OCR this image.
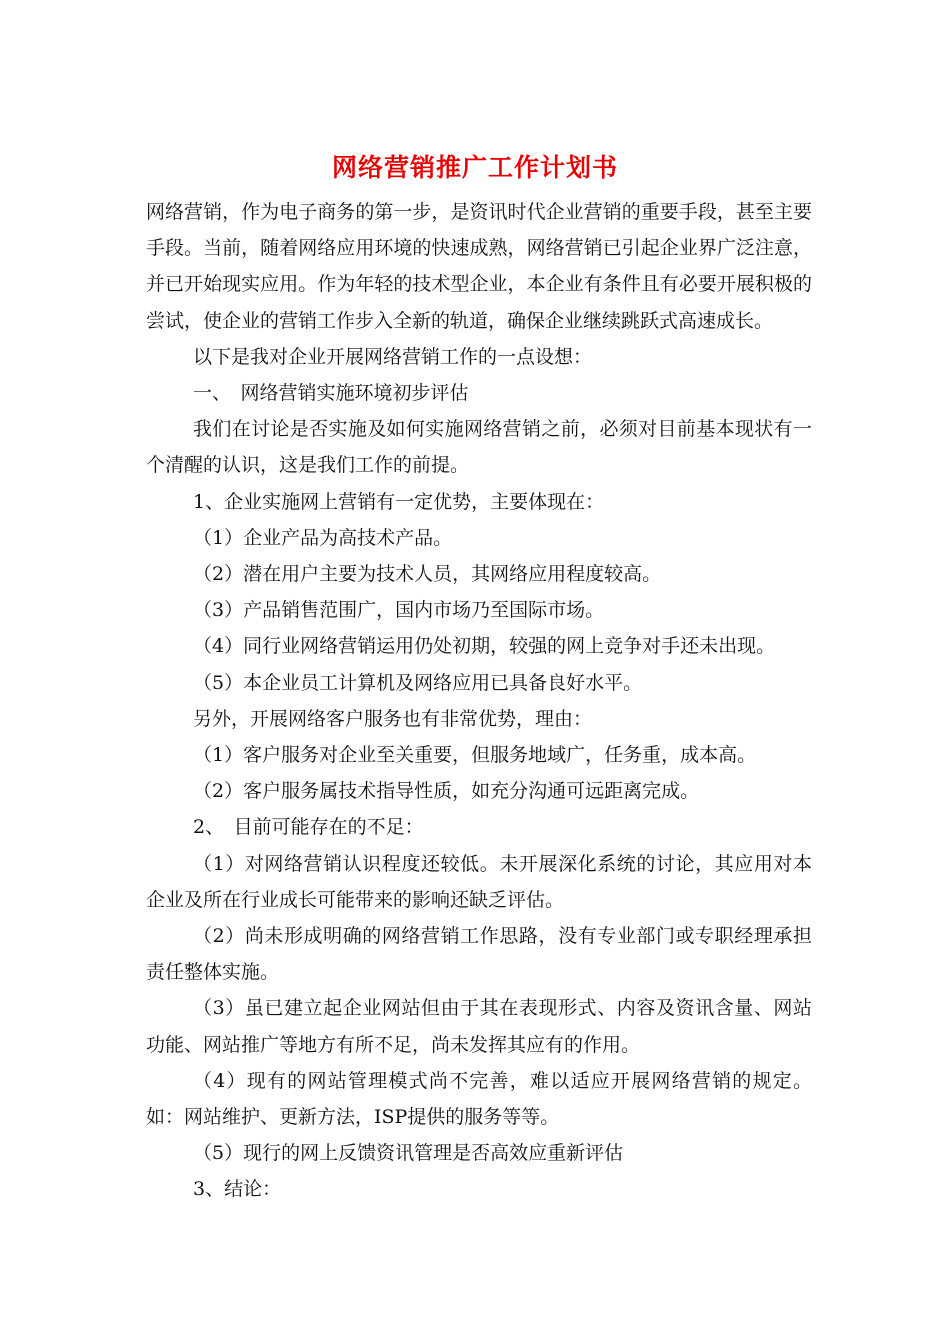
网络营销推广工作计划书

网络营销，作为电子商务的第一步，是资讯时代企业营销的重要手段，甚至主要手段。当前，随着网络应用环境的快速成熟，网络营销已引起企业界广泛注意，并已开始现实应用。作为年轻的技术型企业，本企业有条件且有必要开展积极的尝试，使企业的营销工作步入全新的轨道，确保企业继续跳跃式高速成长。

以下是我对企业开展网络营销工作的一点设想：

一、　网络营销实施环境初步评估

我们在讨论是否实施及如何实施网络营销之前，必须对目前基本现状有一个清醒的认识，这是我们工作的前提。

1、企业实施网上营销有一定优势，主要体现在：

（1）企业产品为高技术产品。

（2）潜在用户主要为技术人员，其网络应用程度较高。

（3）产品销售范围广，国内市场乃至国际市场。

（4）同行业网络营销运用仍处初期，较强的网上竞争对手还未出现。

（5）本企业员工计算机及网络应用已具备良好水平。

另外，开展网络客户服务也有非常优势，理由：

（1）客户服务对企业至关重要，但服务地域广，任务重，成本高。

（2）客户服务属技术指导性质，如充分沟通可远距离完成。

2、　目前可能存在的不足：

（1）对网络营销认识程度还较低。未开展深化系统的讨论，其应用对本企业及所在行业成长可能带来的影响还缺乏评估。

（2）尚未形成明确的网络营销工作思路，没有专业部门或专职经理承担责任整体实施。

（3）虽已建立起企业网站但由于其在表现形式、内容及资讯含量、网站功能、网站推广等地方有所不足，尚未发挥其应有的作用。

（4）现有的网站管理模式尚不完善，难以适应开展网络营销的规定。如：网站维护、更新方法，ISP提供的服务等等。

（5）现行的网上反馈资讯管理是否高效应重新评估

3、结论：
